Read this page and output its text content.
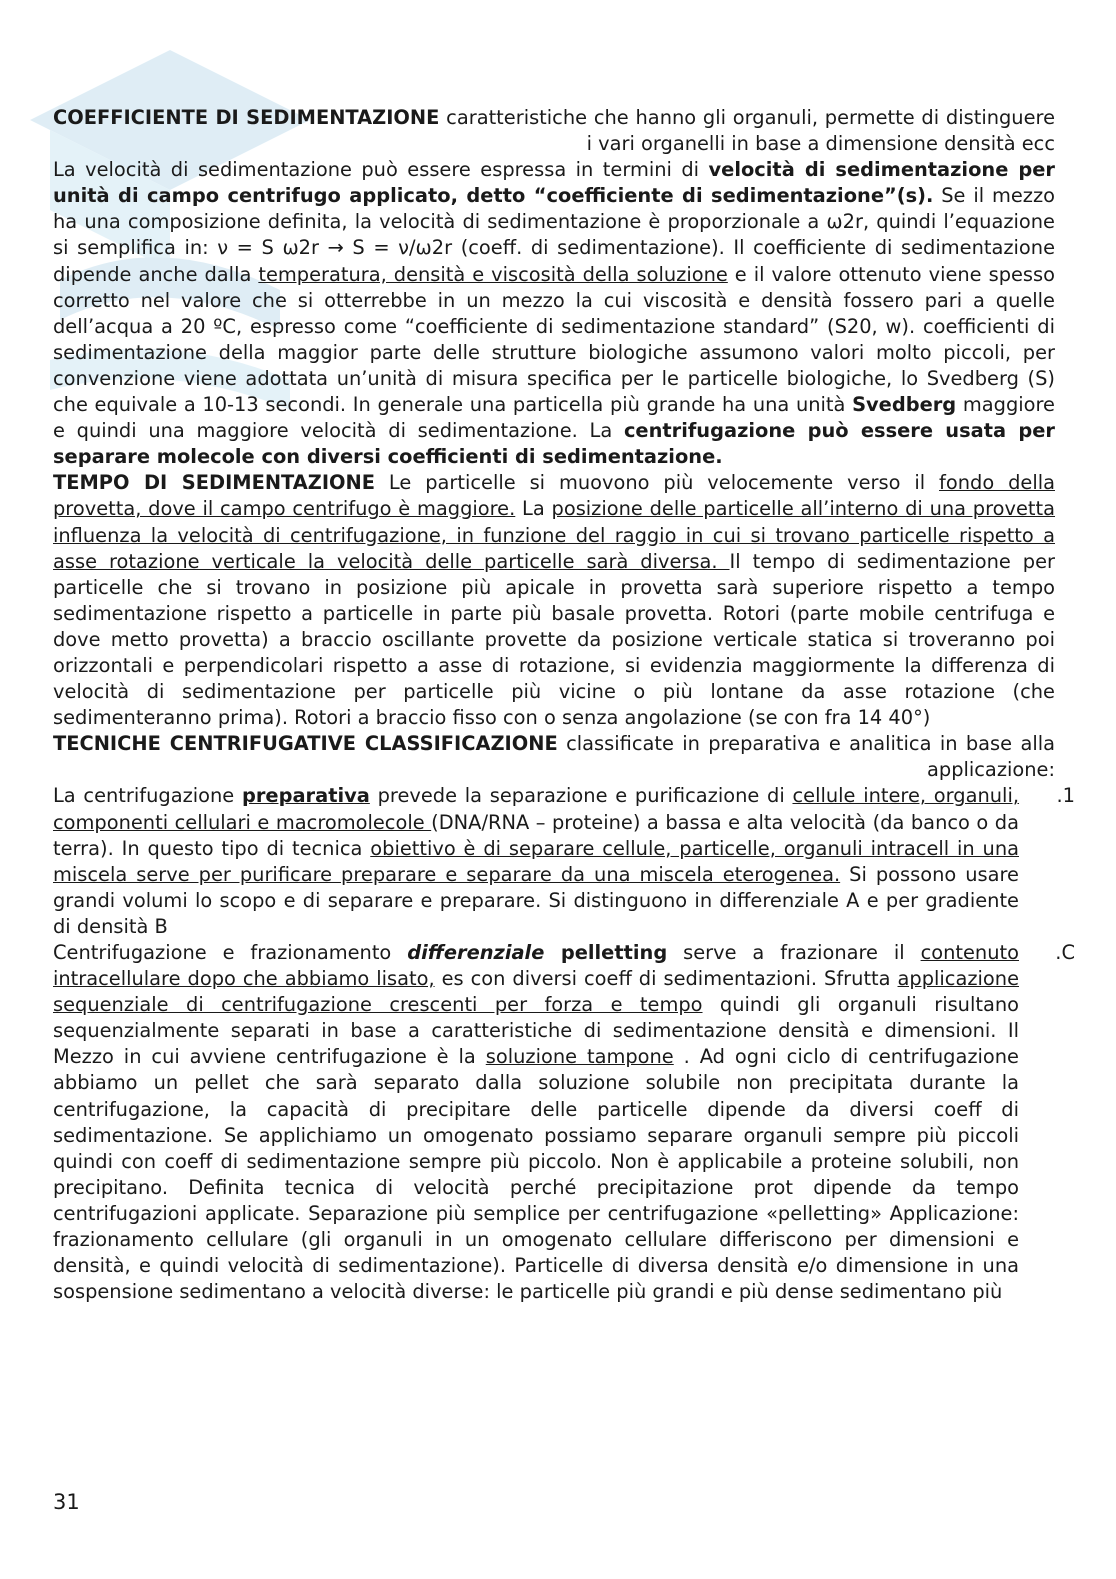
COEFFICIENTE DI SEDIMENTAZIONE caratteristiche che hanno gli organuli, permette di distinguere i vari organelli in base a dimensione densità ecc

La velocità di sedimentazione può essere espressa in termini di velocità di sedimentazione per unità di campo centrifugo applicato, detto “coefficiente di sedimentazione”(s). Se il mezzo ha una composizione definita, la velocità di sedimentazione è proporzionale a ω2r, quindi l’equazione si semplifica in: ν = S ω2r → S = ν/ω2r (coeff. di sedimentazione). Il coefficiente di sedimentazione dipende anche dalla temperatura, densità e viscosità della soluzione e il valore ottenuto viene spesso corretto nel valore che si otterrebbe in un mezzo la cui viscosità e densità fossero pari a quelle dell’acqua a 20 ºC, espresso come “coefficiente di sedimentazione standard” (S20, w). coefficienti di sedimentazione della maggior parte delle strutture biologiche assumono valori molto piccoli, per convenzione viene adottata un’unità di misura specifica per le particelle biologiche, lo Svedberg (S) che equivale a 10-13 secondi. In generale una particella più grande ha una unità Svedberg maggiore e quindi una maggiore velocità di sedimentazione. La centrifugazione può essere usata per separare molecole con diversi coefficienti di sedimentazione.

TEMPO DI SEDIMENTAZIONE Le particelle si muovono più velocemente verso il fondo della provetta, dove il campo centrifugo è maggiore. La posizione delle particelle all’interno di una provetta influenza la velocità di centrifugazione, in funzione del raggio in cui si trovano particelle rispetto a asse rotazione verticale la velocità delle particelle sarà diversa. Il tempo di sedimentazione per particelle che si trovano in posizione più apicale in provetta sarà superiore rispetto a tempo sedimentazione rispetto a particelle in parte più basale provetta. Rotori (parte mobile centrifuga e dove metto provetta) a braccio oscillante provette da posizione verticale statica si troveranno poi orizzontali e perpendicolari rispetto a asse di rotazione, si evidenzia maggiormente la differenza di velocità di sedimentazione per particelle più vicine o più lontane da asse rotazione (che sedimenteranno prima). Rotori a braccio fisso con o senza angolazione (se con fra 14 40°)

TECNICHE CENTRIFUGATIVE CLASSIFICAZIONE classificate in preparativa e analitica in base alla applicazione:

.1

La centrifugazione preparativa prevede la separazione e purificazione di cellule intere, organuli, componenti cellulari e macromolecole (DNA/RNA – proteine) a bassa e alta velocità (da banco o da terra). In questo tipo di tecnica obiettivo è di separare cellule, particelle, organuli intracell in una miscela serve per purificare preparare e separare da una miscela eterogenea. Si possono usare grandi volumi lo scopo e di separare e preparare. Si distinguono in differenziale A e per gradiente di densità B

.C

Centrifugazione e frazionamento differenziale pelletting serve a frazionare il contenuto intracellulare dopo che abbiamo lisato, es con diversi coeff di sedimentazioni. Sfrutta applicazione sequenziale di centrifugazione crescenti per forza e tempo quindi gli organuli risultano sequenzialmente separati in base a caratteristiche di sedimentazione densità e dimensioni. Il Mezzo in cui avviene centrifugazione è la soluzione tampone . Ad ogni ciclo di centrifugazione abbiamo un pellet che sarà separato dalla soluzione solubile non precipitata durante la centrifugazione, la capacità di precipitare delle particelle dipende da diversi coeff di sedimentazione. Se applichiamo un omogenato possiamo separare organuli sempre più piccoli quindi con coeff di sedimentazione sempre più piccolo. Non è applicabile a proteine solubili, non precipitano. Definita tecnica di velocità perché precipitazione prot dipende da tempo centrifugazioni applicate. Separazione più semplice per centrifugazione «pelletting» Applicazione: frazionamento cellulare (gli organuli in un omogenato cellulare differiscono per dimensioni e densità, e quindi velocità di sedimentazione). Particelle di diversa densità e/o dimensione in una sospensione sedimentano a velocità diverse: le particelle più grandi e più dense sedimentano più

31
